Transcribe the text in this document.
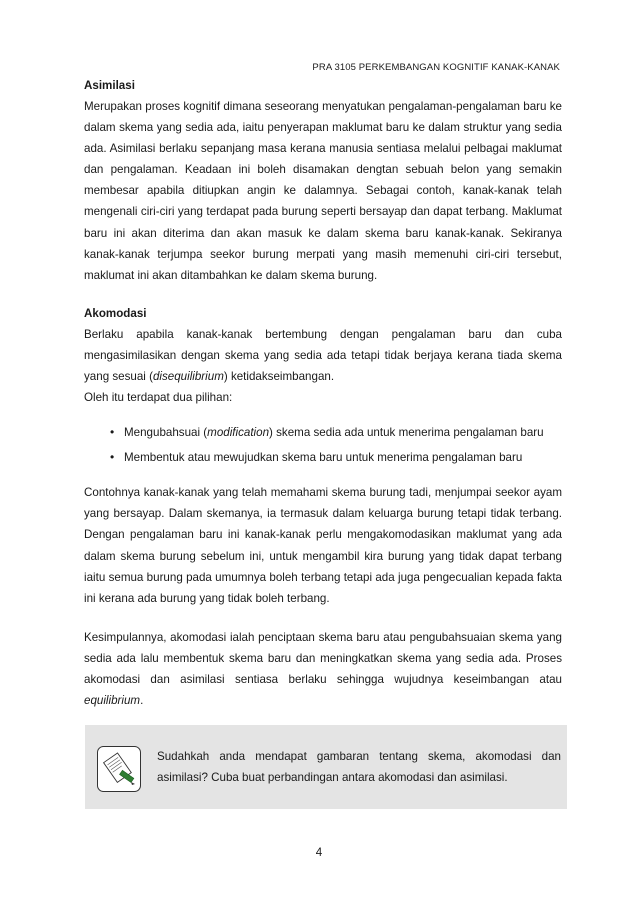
PRA 3105 PERKEMBANGAN KOGNITIF KANAK-KANAK

Asimilasi

Merupakan proses kognitif dimana seseorang menyatukan pengalaman-pengalaman baru ke dalam skema yang sedia ada, iaitu penyerapan maklumat baru ke dalam struktur yang sedia ada. Asimilasi berlaku sepanjang masa kerana manusia sentiasa melalui pelbagai maklumat dan pengalaman. Keadaan ini boleh disamakan dengtan sebuah belon yang semakin membesar apabila ditiupkan angin ke dalamnya. Sebagai contoh, kanak-kanak telah mengenali ciri-ciri yang terdapat pada burung seperti bersayap dan dapat terbang. Maklumat baru ini akan diterima dan akan masuk ke dalam skema baru kanak-kanak. Sekiranya kanak-kanak terjumpa seekor burung merpati yang masih memenuhi ciri-ciri tersebut, maklumat ini akan ditambahkan ke dalam skema burung.

Akomodasi

Berlaku apabila kanak-kanak bertembung dengan pengalaman baru dan cuba mengasimilasikan dengan skema yang sedia ada tetapi tidak berjaya kerana tiada skema yang sesuai (disequilibrium) ketidakseimbangan.

Oleh itu terdapat dua pilihan:

• Mengubahsuai (modification) skema sedia ada untuk menerima pengalaman baru
• Membentuk atau mewujudkan skema baru untuk menerima pengalaman baru

Contohnya kanak-kanak yang telah memahami skema burung tadi, menjumpai seekor ayam yang bersayap. Dalam skemanya, ia termasuk dalam keluarga burung tetapi tidak terbang. Dengan pengalaman baru ini kanak-kanak perlu mengakomodasikan maklumat yang ada dalam skema burung sebelum ini, untuk mengambil kira burung yang tidak dapat terbang iaitu semua burung pada umumnya boleh terbang tetapi ada juga pengecualian kepada fakta ini kerana ada burung yang tidak boleh terbang.

Kesimpulannya, akomodasi ialah penciptaan skema baru atau pengubahsuaian skema yang sedia ada lalu membentuk skema baru dan meningkatkan skema yang sedia ada. Proses akomodasi dan asimilasi sentiasa berlaku sehingga wujudnya keseimbangan atau equilibrium.

Sudahkah anda mendapat gambaran tentang skema, akomodasi dan asimilasi? Cuba buat perbandingan antara akomodasi dan asimilasi.
4
